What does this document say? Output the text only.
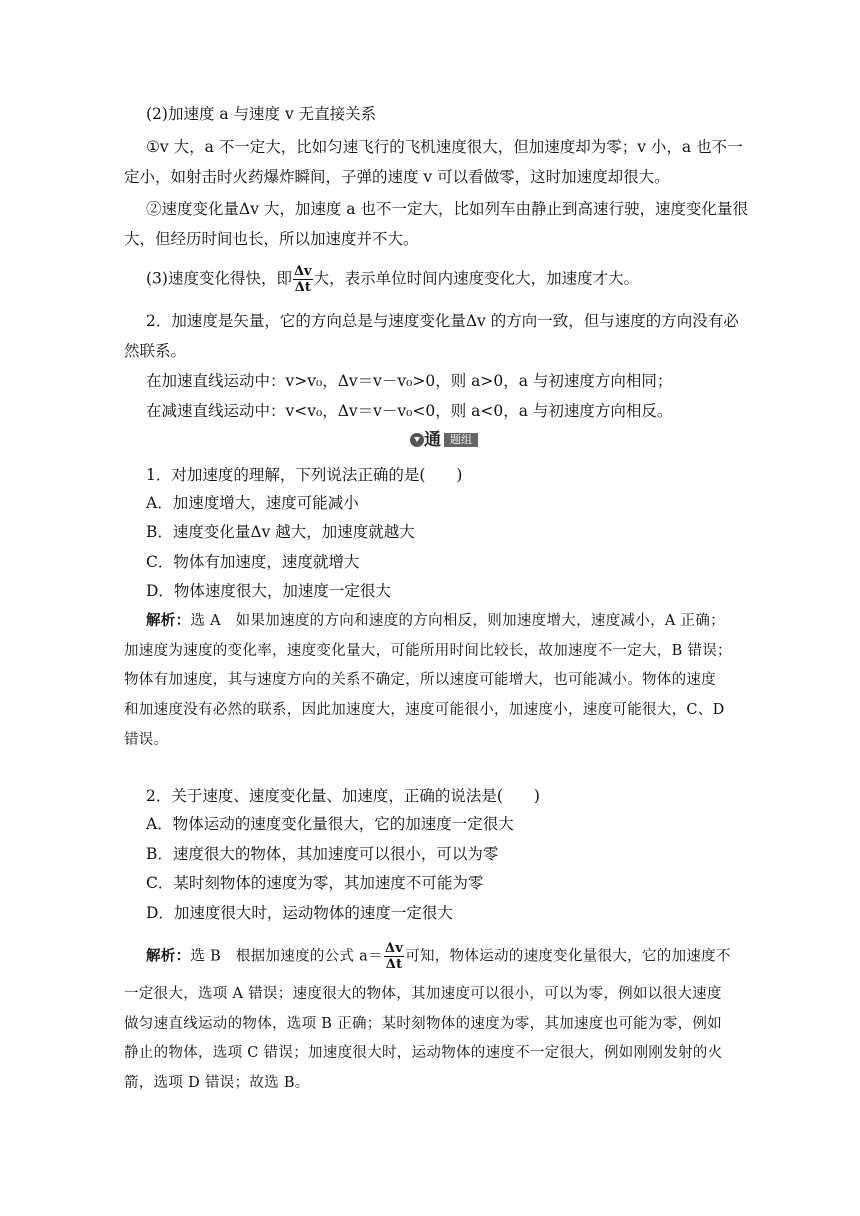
(2)加速度 a 与速度 v 无直接关系
①v 大，a 不一定大，比如匀速飞行的飞机速度很大，但加速度却为零；v 小，a 也不一
定小，如射击时火药爆炸瞬间，子弹的速度 v 可以看做零，这时加速度却很大。
②速度变化量Δv 大，加速度 a 也不一定大，比如列车由静止到高速行驶，速度变化量很
大，但经历时间也长，所以加速度并不大。
(3)速度变化得快，即 $\frac{\Delta v}{\Delta t}$ 大，表示单位时间内速度变化大，加速度才大。
2．加速度是矢量，它的方向总是与速度变化量Δv 的方向一致，但与速度的方向没有必
然联系。
在加速直线运动中：v>v₀，Δv＝v－v₀>0，则 a>0，a 与初速度方向相同；
在减速直线运动中：v<v₀，Δv＝v－v₀<0，则 a<0，a 与初速度方向相反。
通 题组
1．对加速度的理解，下列说法正确的是(　　)
A．加速度增大，速度可能减小
B．速度变化量Δv 越大，加速度就越大
C．物体有加速度，速度就增大
D．物体速度很大，加速度一定很大
解析：选 A　如果加速度的方向和速度的方向相反，则加速度增大，速度减小，A 正确；
加速度为速度的变化率，速度变化量大，可能所用时间比较长，故加速度不一定大，B 错误；
物体有加速度，其与速度方向的关系不确定，所以速度可能增大，也可能减小。物体的速度
和加速度没有必然的联系，因此加速度大，速度可能很小，加速度小，速度可能很大，C、D
错误。
2．关于速度、速度变化量、加速度，正确的说法是(　　)
A．物体运动的速度变化量很大，它的加速度一定很大
B．速度很大的物体，其加速度可以很小，可以为零
C．某时刻物体的速度为零，其加速度不可能为零
D．加速度很大时，运动物体的速度一定很大
解析：选 B　根据加速度的公式 $a= \frac{\Delta v}{\Delta t}$ 可知，物体运动的速度变化量很大，它的加速度不
一定很大，选项 A 错误；速度很大的物体，其加速度可以很小，可以为零，例如以很大速度
做匀速直线运动的物体，选项 B 正确；某时刻物体的速度为零，其加速度也可能为零，例如
静止的物体，选项 C 错误；加速度很大时，运动物体的速度不一定很大，例如刚刚发射的火
箭，选项 D 错误；故选 B。
